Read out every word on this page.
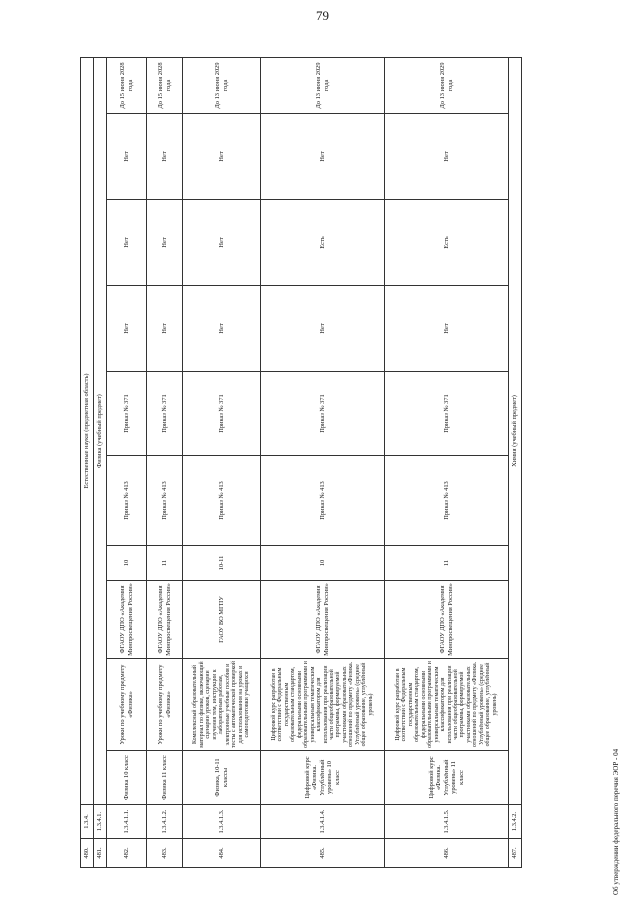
79
480.	1.3.4.	Естественные науки (предметная область)									
481.	1.3.4.1.	Физика (учебный предмет)									
482.	1.3.4.1.1.	Физика 10 класс	Уроки по учебному предмету «Физика»	ФГАОУ ДПО «Академия Минпросвещения России»	10	Приказ № 413	Приказ № 371	Нет	Нет	Нет	До 15 июня 2028 года
483.	1.3.4.1.2.	Физика 11 класс	Уроки по учебному предмету «Физика»	ФГАОУ ДПО «Академия Минпросвещения России»	11	Приказ № 413	Приказ № 371	Нет	Нет	Нет	До 15 июня 2028 года
484.	1.3.4.1.3.	Физика, 10-11 классы	Комплексный образовательный материал по физике, включающий сценарии уроков, сценарии изучения тем, инструкции к лабораторным работам, электронные учебные пособия и тесты с автоматической проверкой для использования на уроках и самоподготовки учащихся	ГАОУ ВО МГПУ	10-11	Приказ № 413	Приказ № 371	Нет	Нет	Нет	До 13 июня 2029 года
485.	1.3.4.1.4.	Цифровой курс «Физика. Углублённый уровень» 10 класс	Цифровой курс разработан в соответствии с Федеральным государственным образовательным стандартом, федеральными основными образовательными программами и универсальным тематическим классификатором для использования при реализации части общеобразовательной программы, формируемой участниками образовательных отношений по предмету «Физика. Углублённый уровень» (среднее общее образование, углублённый уровень)	ФГАОУ ДПО «Академия Минпросвещения России»	10	Приказ № 413	Приказ № 371	Нет	Есть	Нет	До 13 июня 2029 года
486.	1.3.4.1.5.	Цифровой курс «Физика. Углублённый уровень» 11 класс	Цифровой курс разработан в соответствии с Федеральным государственным образовательным стандартом, федеральными основными образовательными программами и универсальным тематическим классификатором для использования при реализации части общеобразовательной программы, формируемой участниками образовательных отношений по предмету «Физика. Углублённый уровень» (среднее общее образование, углублённый уровень)	ФГАОУ ДПО «Академия Минпросвещения России»	11	Приказ № 413	Приказ № 371	Нет	Есть	Нет	До 13 июня 2029 года
487.	1.3.4.2.	Химия (учебный предмет)									
Об утверждении федерального перечня ЭОР - 04
